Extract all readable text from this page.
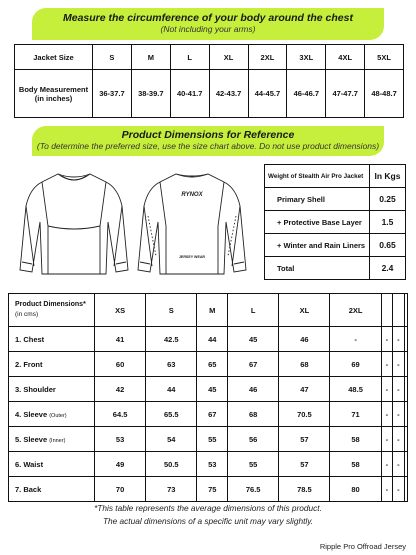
Measure the circumference of your body around the chest
(Not including your arms)
Jacket Size	S	M	L	XL	2XL	3XL	4XL	5XL
Body Measurement (in inches)	36-37.7	38-39.7	40-41.7	42-43.7	44-45.7	46-46.7	47-47.7	48-48.7
Product Dimensions for Reference
(To determine the preferred size, use the size chart above. Do not use product dimensions)
RYNOX
JERSEY WEAR
Weight of Stealth Air Pro Jacket	In Kgs
Primary Shell	0.25
+ Protective Base Layer	1.5
+ Winter and Rain Liners	0.65
Total	2.4
Product Dimensions*
(in cms)	XS	S	M	L	XL	2XL			
1. Chest	41	42.5	44	45	46	-	-	-	
2. Front	60	63	65	67	68	69	-	-	
3. Shoulder	42	44	45	46	47	48.5	-	-	
4. Sleeve (Outer)	64.5	65.5	67	68	70.5	71	-	-	
5. Sleeve (Inner)	53	54	55	56	57	58	-	-	
6. Waist	49	50.5	53	55	57	58	-	-	
7. Back	70	73	75	76.5	78.5	80	-	-	
*This table represents the average dimensions of this product.
The actual dimensions of a specific unit may vary slightly.
Ripple Pro Offroad Jersey
